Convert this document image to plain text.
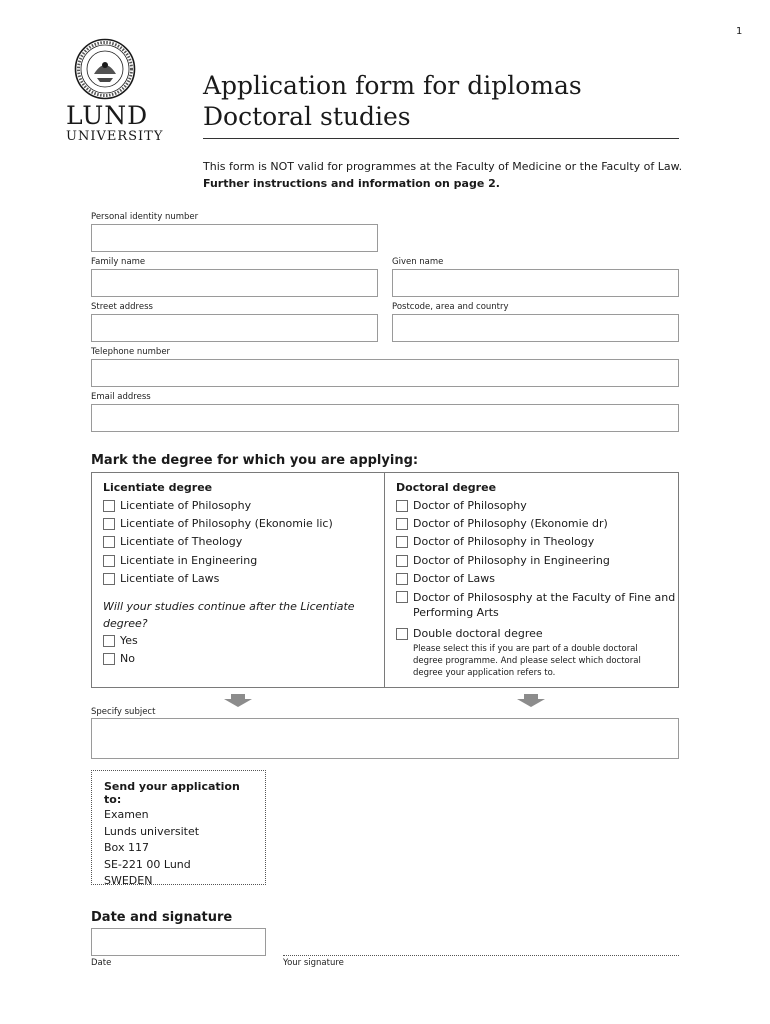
1
LUND
UNIVERSITY
Application form for diplomas
Doctoral studies
This form is NOT valid for programmes at the Faculty of Medicine or the Faculty of Law.
Further instructions and information on page 2.
Personal identity number
Family name	Given name
Street address	Postcode, area and country
Telephone number
Email address
Mark the degree for which you are applying:
Licentiate degree
Licentiate of Philosophy
Licentiate of Philosophy (Ekonomie lic)
Licentiate of Theology
Licentiate in Engineering
Licentiate of Laws
Will your studies continue after the Licentiate
degree?
Yes
No
Doctoral degree
Doctor of Philosophy
Doctor of Philosophy (Ekonomie dr)
Doctor of Philosophy in Theology
Doctor of Philosophy in Engineering
Doctor of Laws
Doctor of Philososphy at the Faculty of Fine and
Performing Arts
Double doctoral degree
Please select this if you are part of a double doctoral
degree programme. And please select which doctoral
degree your application refers to.
Specify subject
Send your application to:
Examen
Lunds universitet
Box 117
SE-221 00 Lund
SWEDEN
Date and signature
Date	Your signature
